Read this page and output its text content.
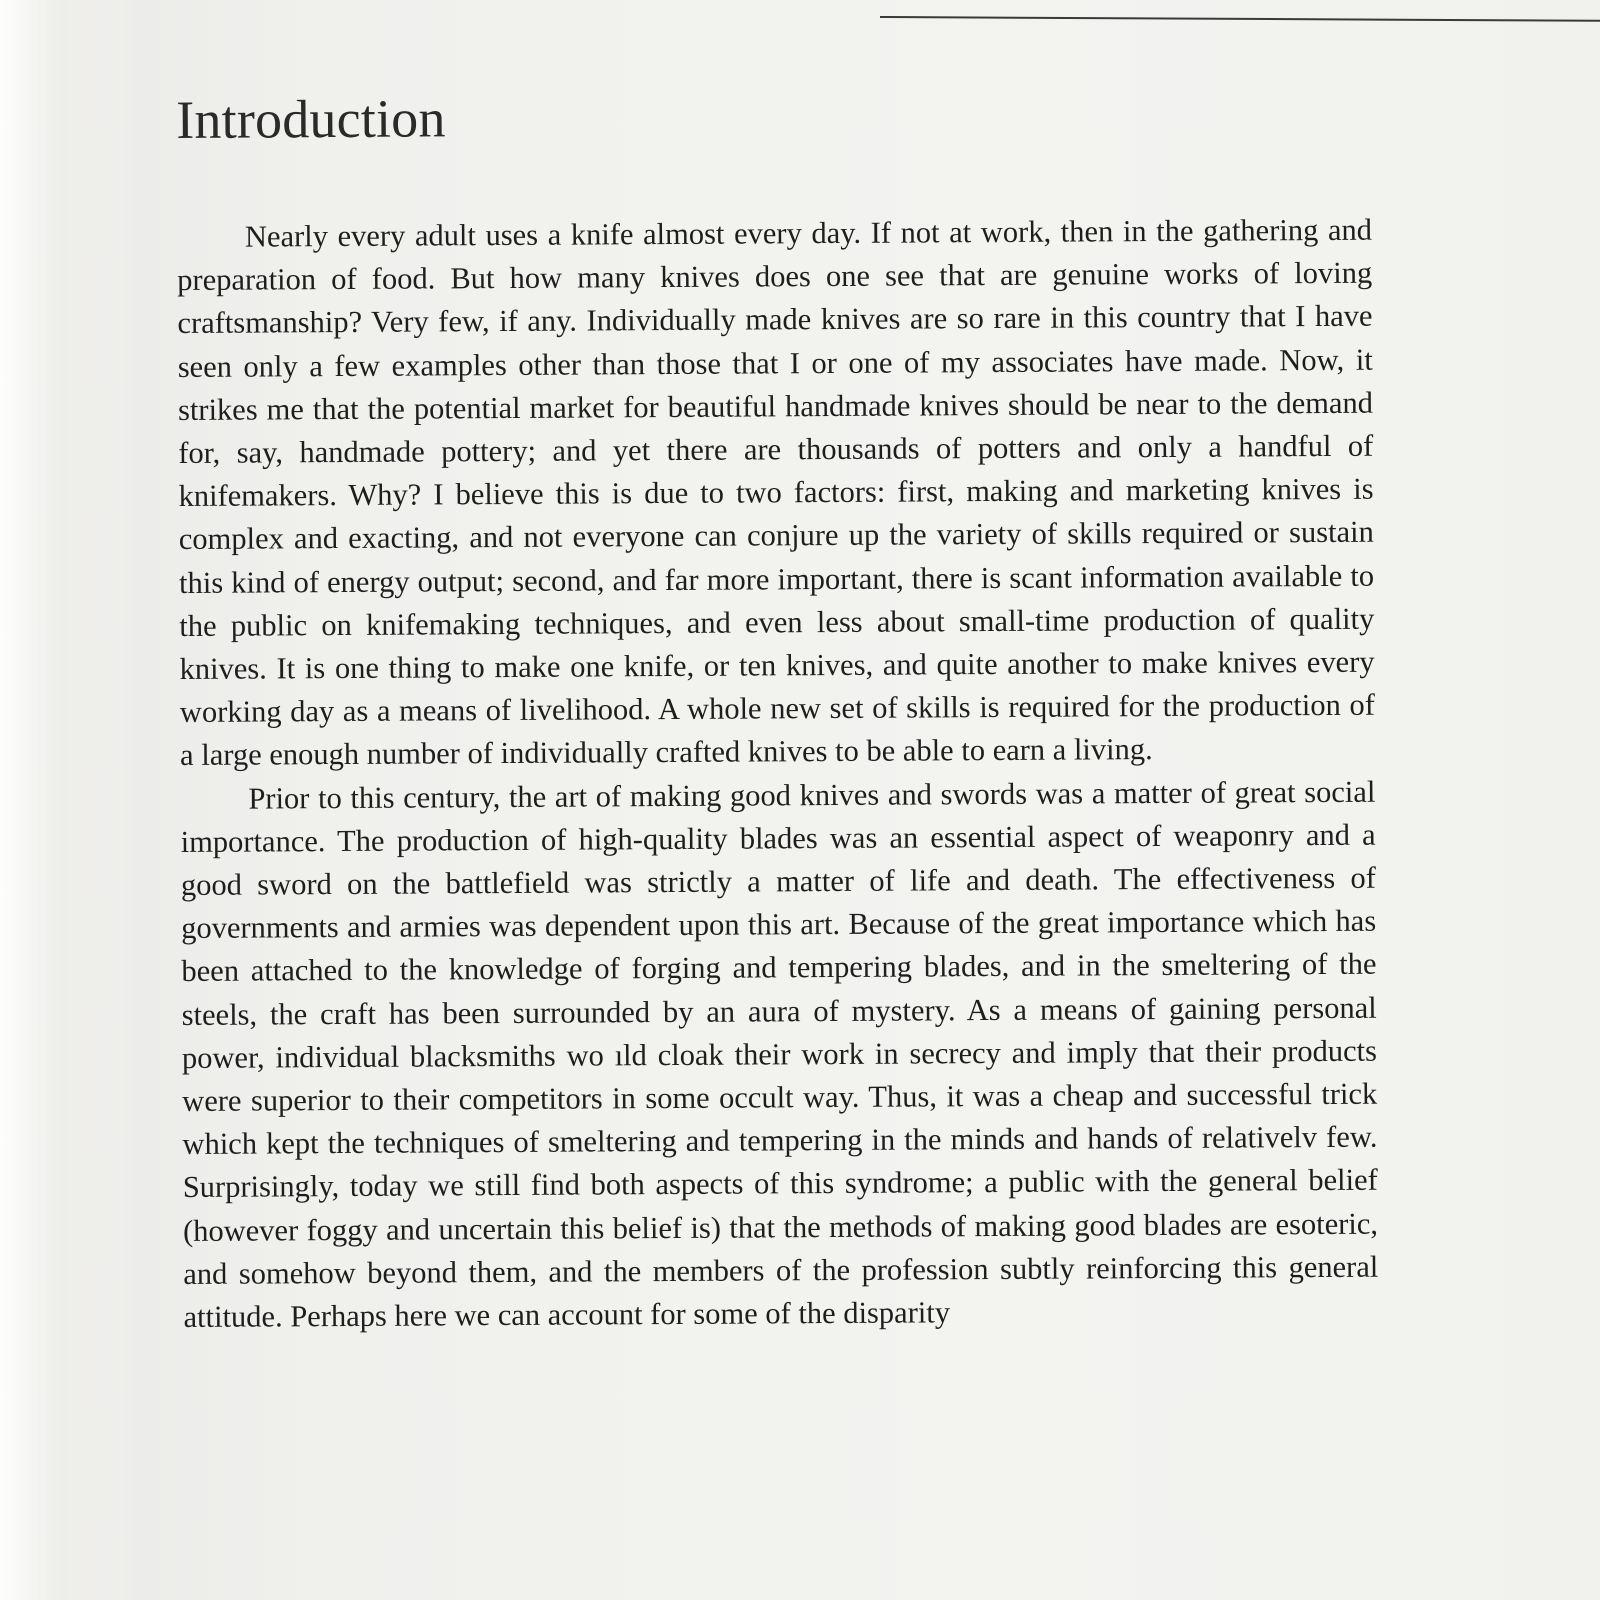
Introduction

Nearly every adult uses a knife almost every day. If not at work, then in the gathering and preparation of food. But how many knives does one see that are genuine works of loving craftsmanship? Very few, if any. Individually made knives are so rare in this country that I have seen only a few examples other than those that I or one of my associates have made. Now, it strikes me that the potential market for beautiful handmade knives should be near to the demand for, say, handmade pottery; and yet there are thousands of potters and only a handful of knifemakers. Why? I believe this is due to two factors: first, making and marketing knives is complex and exacting, and not everyone can conjure up the variety of skills required or sustain this kind of energy output; second, and far more important, there is scant information available to the public on knifemaking techniques, and even less about small-time production of quality knives. It is one thing to make one knife, or ten knives, and quite another to make knives every working day as a means of livelihood. A whole new set of skills is required for the production of a large enough number of individually crafted knives to be able to earn a living.

Prior to this century, the art of making good knives and swords was a matter of great social importance. The production of high-quality blades was an essential aspect of weaponry and a good sword on the battlefield was strictly a matter of life and death. The effectiveness of governments and armies was dependent upon this art. Because of the great importance which has been attached to the knowledge of forging and tempering blades, and in the smeltering of the steels, the craft has been surrounded by an aura of mystery. As a means of gaining personal power, individual blacksmiths wo ıld cloak their work in secrecy and imply that their products were superior to their competitors in some occult way. Thus, it was a cheap and successful trick which kept the techniques of smeltering and tempering in the minds and hands of relativelv few. Surprisingly, today we still find both aspects of this syndrome; a public with the general belief (however foggy and uncertain this belief is) that the methods of making good blades are esoteric, and somehow beyond them, and the members of the profession subtly reinforcing this general attitude. Perhaps here we can account for some of the disparity
